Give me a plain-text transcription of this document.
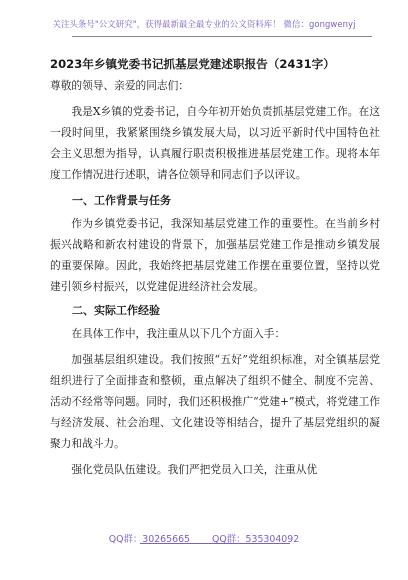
关注头条号"公文研究"，获得最新最全最专业的公文资料库！ 微信：gongwenyj
2023年乡镇党委书记抓基层党建述职报告（2431字）

尊敬的领导、亲爱的同志们：

我是X乡镇的党委书记，自今年初开始负责抓基层党建工作。在这一段时间里，我紧紧围绕乡镇发展大局，以习近平新时代中国特色社会主义思想为指导，认真履行职责积极推进基层党建工作。现将本年度工作情况进行述职，请各位领导和同志们予以评议。

一、工作背景与任务

作为乡镇党委书记，我深知基层党建工作的重要性。在当前乡村振兴战略和新农村建设的背景下，加强基层党建工作是推动乡镇发展的重要保障。因此，我始终把基层党建工作摆在重要位置，坚持以党建引领乡村振兴，以党建促进经济社会发展。

二、实际工作经验

在具体工作中，我注重从以下几个方面入手：

加强基层组织建设。我们按照“五好”党组织标准，对全镇基层党组织进行了全面排查和整顿，重点解决了组织不健全、制度不完善、活动不经常等问题。同时，我们还积极推广“党建+”模式，将党建工作与经济发展、社会治理、文化建设等相结合，提升了基层党组织的凝聚力和战斗力。

强化党员队伍建设。我们严把党员入口关，注重从优

QQ群：30265665 QQ群：535304092
